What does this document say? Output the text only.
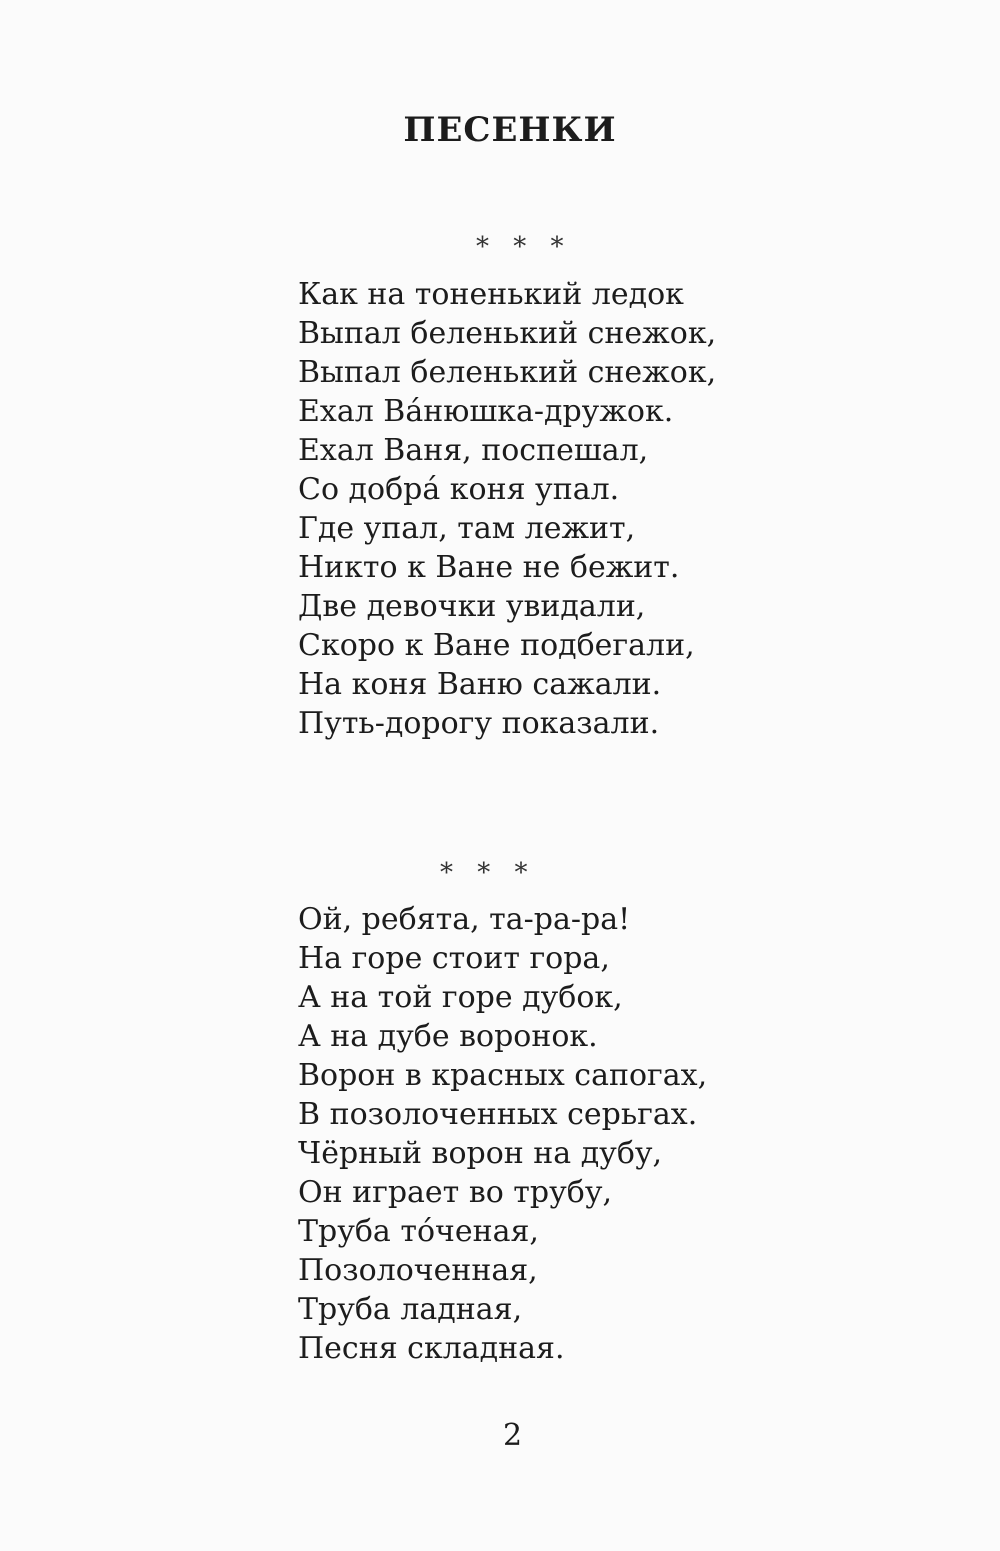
ПЕСЕНКИ
* * *
Как на тоненький ледок
Выпал беленький снежок,
Выпал беленький снежок,
Ехал Вáнюшка-дружок.
Ехал Ваня, поспешал,
Со добрá коня упал.
Где упал, там лежит,
Никто к Ване не бежит.
Две девочки увидали,
Скоро к Ване подбегали,
На коня Ваню сажали.
Путь-дорогу показали.
* * *
Ой, ребята, та-ра-ра!
На горе стоит гора,
А на той горе дубок,
А на дубе воронок.
Ворон в красных сапогах,
В позолоченных серьгах.
Чёрный ворон на дубу,
Он играет во трубу,
Труба тóченая,
Позолоченная,
Труба ладная,
Песня складная.
2
